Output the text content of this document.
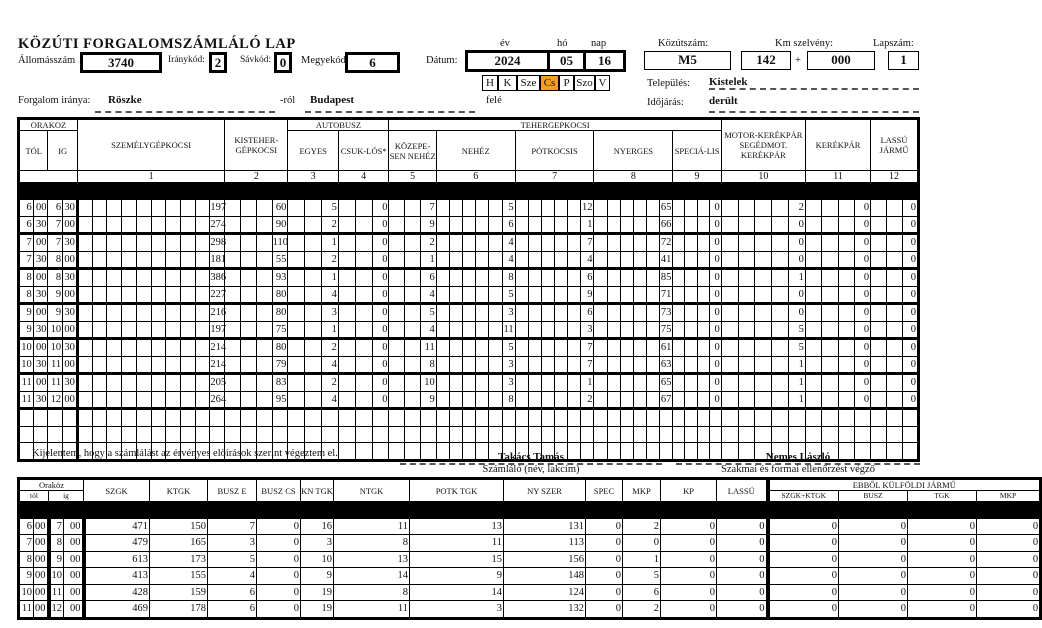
KÖZÚTI FORGALOMSZÁMLÁLÓ LAP
Állomásszám	3740	Iránykód: 2	Sávkód: 0	Megyekód:	6	Dátum:
év	hó nap
2024	05	16
H K Sze Cs P Szo V
Közútszám:
M5
Km szelvény:
142	+	000
Lapszám:
1
Település: Kistelek
Időjárás: derült
Forgalom iránya: Röszke	-ról Budapest	felé
ORAKOZ				SZEMÉLYGÉPKOCSI										KISTEHER-GÉPKOCSI				AUTOBUSZ						TEHERGEPKOCSI																									MOTOR-KERÉKPÁR SEGÉDMOT. KERÉKPÁR					KERÉKPÁR				LASSÚ JÁRMŰ		
TÓL		IG																EGYES			CSUK-LÓS*			KÖZEPE-SEN NEHÉZ			NEHÉZ						PÓTKOCSIS						NYERGES						SPECIÁ-LIS															
				1										2				3			4			5			6						7						8						9				10					11				12		

6	00	6	30										197				60			5			0			7						5						12						65				0					2				0			0
6	30	7	00										274				90			2			0			9						6						1						66				0					0				0			0
7	00	7	30										298				110			1			0			2						4						7						72				0					0				0			0
7	30	8	00										181				55			2			0			1						4						4						41				0					0				0			0
8	00	8	30										386				93			1			0			6						8						6						85				0					1				0			0
8	30	9	00										227				80			4			0			4						5						9						71				0					0				0			0
9	00	9	30										216				80			3			0			5						3						6						73				0					0				0			0
9	30	10	00										197				75			1			0			4						11						3						75				0					5				0			0
10	00	10	30										214				80			2			0			11						5						7						61				0					5				0			0
10	30	11	00										214				79			4			0			8						3						7						63				0					1				0			0
11	00	11	30										205				83			2			0			10						3						1						65				0					1				0			0
11	30	12	00										264				95			4			0			9						8						2						67				0					1				0			0

Kijelentem, hogy a számlálást az érvényes előírások szerint végeztem el.	Takács Tamás
Számláló (név, lakcím)
Nemes László
Szakmai és formai ellenőrzést végző
Oraköz				SZGK	KTGK	BUSZ E	BUSZ CS	KN TGK	NTGK	POTK TGK	NY SZER	SPEC	MKP	KP	LASSÚ	EBBŐL KÜLFÖLDI JÁRMŰ			
tól		ig														SZGK+KTGK	BUSZ	TGK	MKP

6	00	7	00	471	150	7	0	16	11	13	131	0	2	0	0	0	0	0	0
7	00	8	00	479	165	3	0	3	8	11	113	0	0	0	0	0	0	0	0
8	00	9	00	613	173	5	0	10	13	15	156	0	1	0	0	0	0	0	0
9	00	10	00	413	155	4	0	9	14	9	148	0	5	0	0	0	0	0	0
10	00	11	00	428	159	6	0	19	8	14	124	0	6	0	0	0	0	0	0
11	00	12	00	469	178	6	0	19	11	3	132	0	2	0	0	0	0	0	0
